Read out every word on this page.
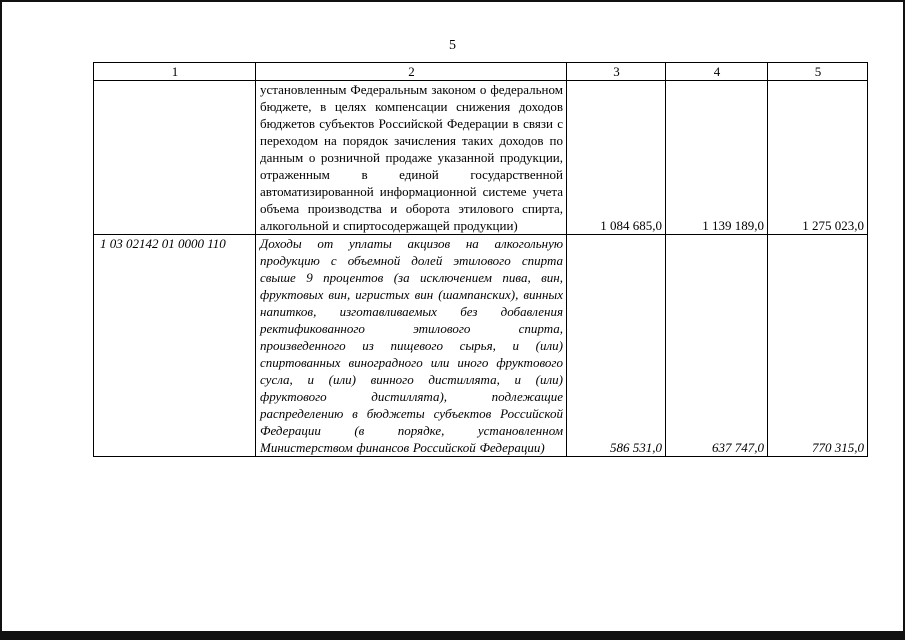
5
1	2	3	4	5
	установленным Федеральным законом о федеральном бюджете, в целях компенсации снижения доходов бюджетов субъектов Российской Федерации в связи с переходом на порядок зачисления таких доходов по данным о розничной продаже указанной продукции, отраженным в единой государственной автоматизированной информационной системе учета объема производства и оборота этилового спирта, алкогольной и спиртосодержащей продукции)	1 084 685,0	1 139 189,0	1 275 023,0
1 03 02142 01 0000 110	Доходы от уплаты акцизов на алкогольную продукцию с объемной долей этилового спирта свыше 9 процентов (за исключением пива, вин, фруктовых вин, игристых вин (шампанских), винных напитков, изготавливаемых без добавления ректификованного этилового спирта, произведенного из пищевого сырья, и (или) спиртованных виноградного или иного фруктового сусла, и (или) винного дистиллята, и (или) фруктового дистиллята), подлежащие распределению в бюджеты субъектов Российской Федерации (в порядке, установленном Министерством финансов Российской Федерации)	586 531,0	637 747,0	770 315,0
